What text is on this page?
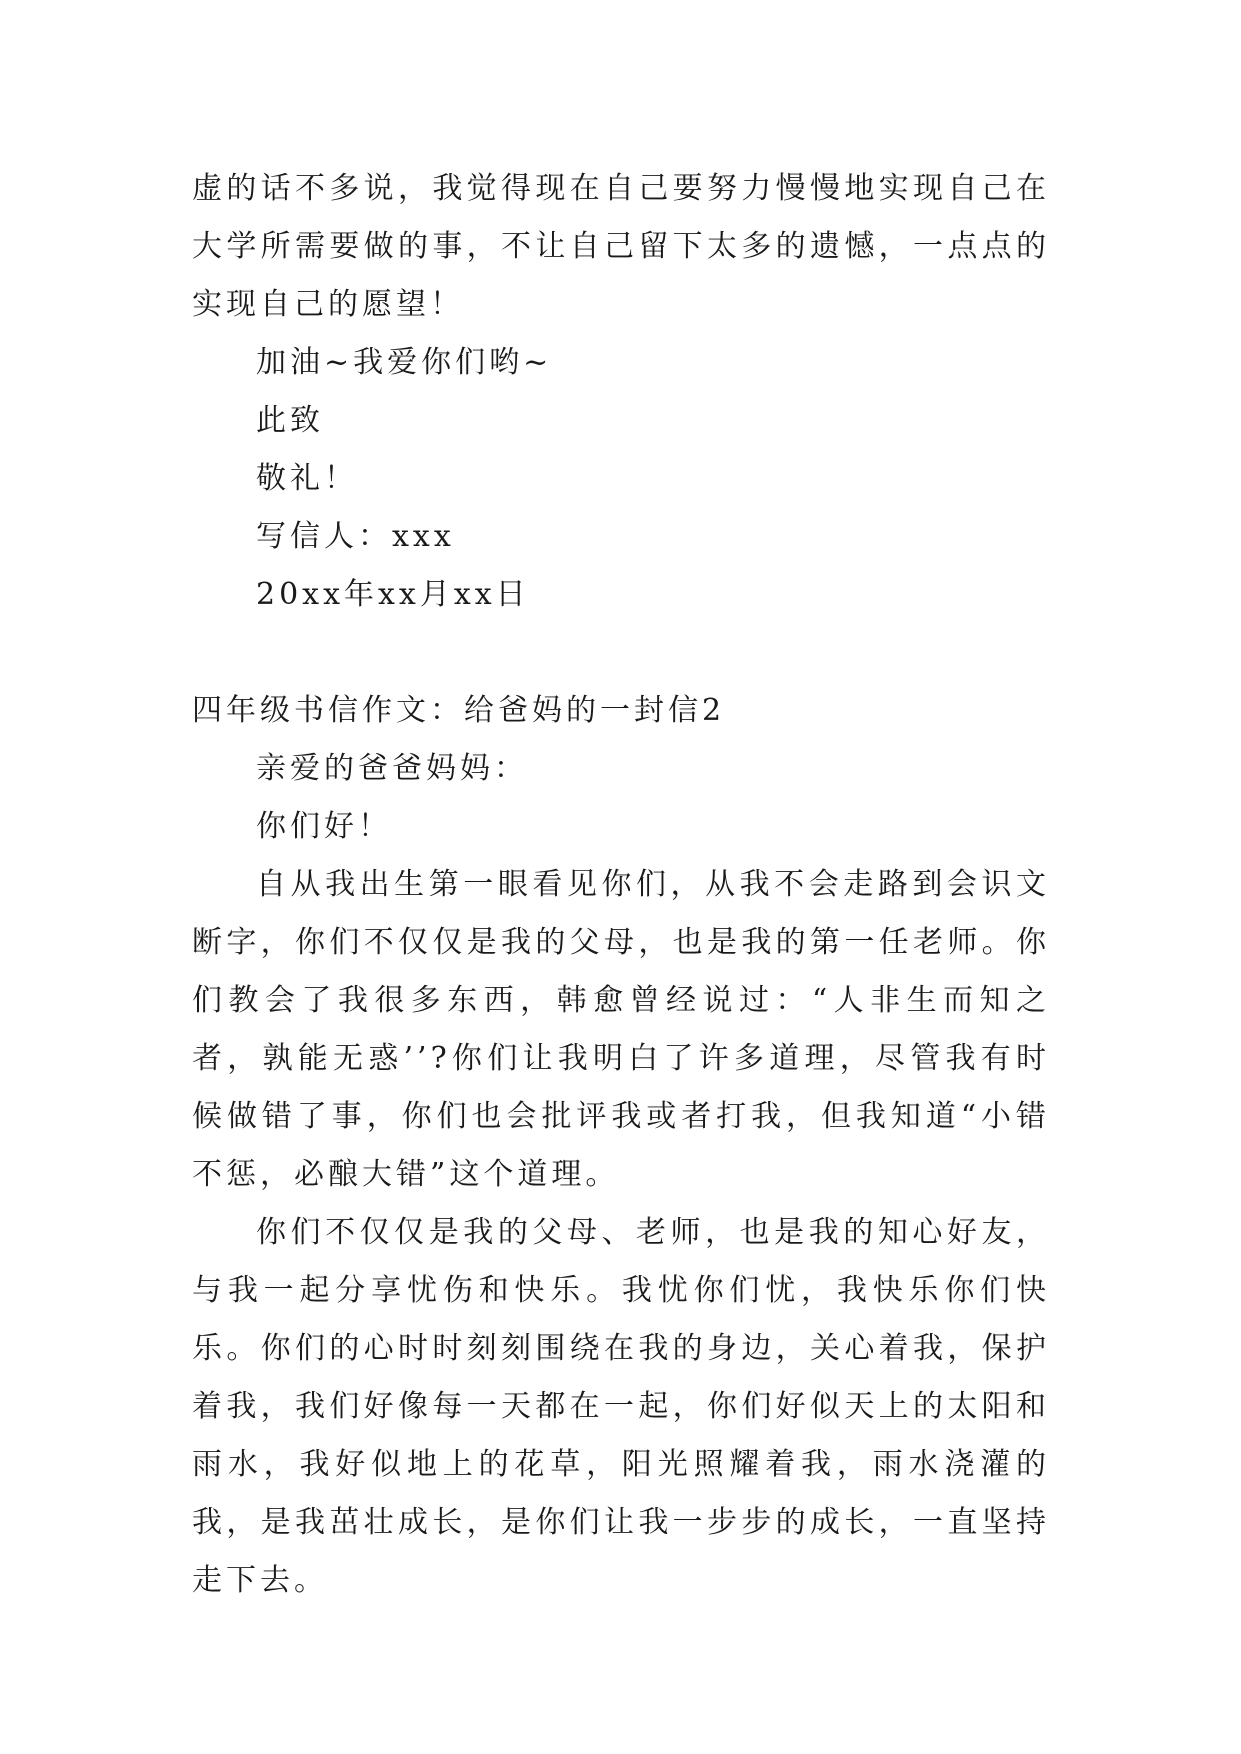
虚的话不多说，我觉得现在自己要努力慢慢地实现自己在大学所需要做的事，不让自己留下太多的遗憾，一点点的实现自己的愿望！

加油~我爱你们哟~

此致

敬礼！

写信人：xxx

20xx年xx月xx日

四年级书信作文：给爸妈的一封信2

亲爱的爸爸妈妈：

你们好！

自从我出生第一眼看见你们，从我不会走路到会识文断字，你们不仅仅是我的父母，也是我的第一任老师。你们教会了我很多东西，韩愈曾经说过：“人非生而知之者，孰能无惑’’?你们让我明白了许多道理，尽管我有时候做错了事，你们也会批评我或者打我，但我知道“小错不惩，必酿大错”这个道理。

你们不仅仅是我的父母、老师，也是我的知心好友，与我一起分享忧伤和快乐。我忧你们忧，我快乐你们快乐。你们的心时时刻刻围绕在我的身边，关心着我，保护着我，我们好像每一天都在一起，你们好似天上的太阳和雨水，我好似地上的花草，阳光照耀着我，雨水浇灌的我，是我茁壮成长，是你们让我一步步的成长，一直坚持走下去。
